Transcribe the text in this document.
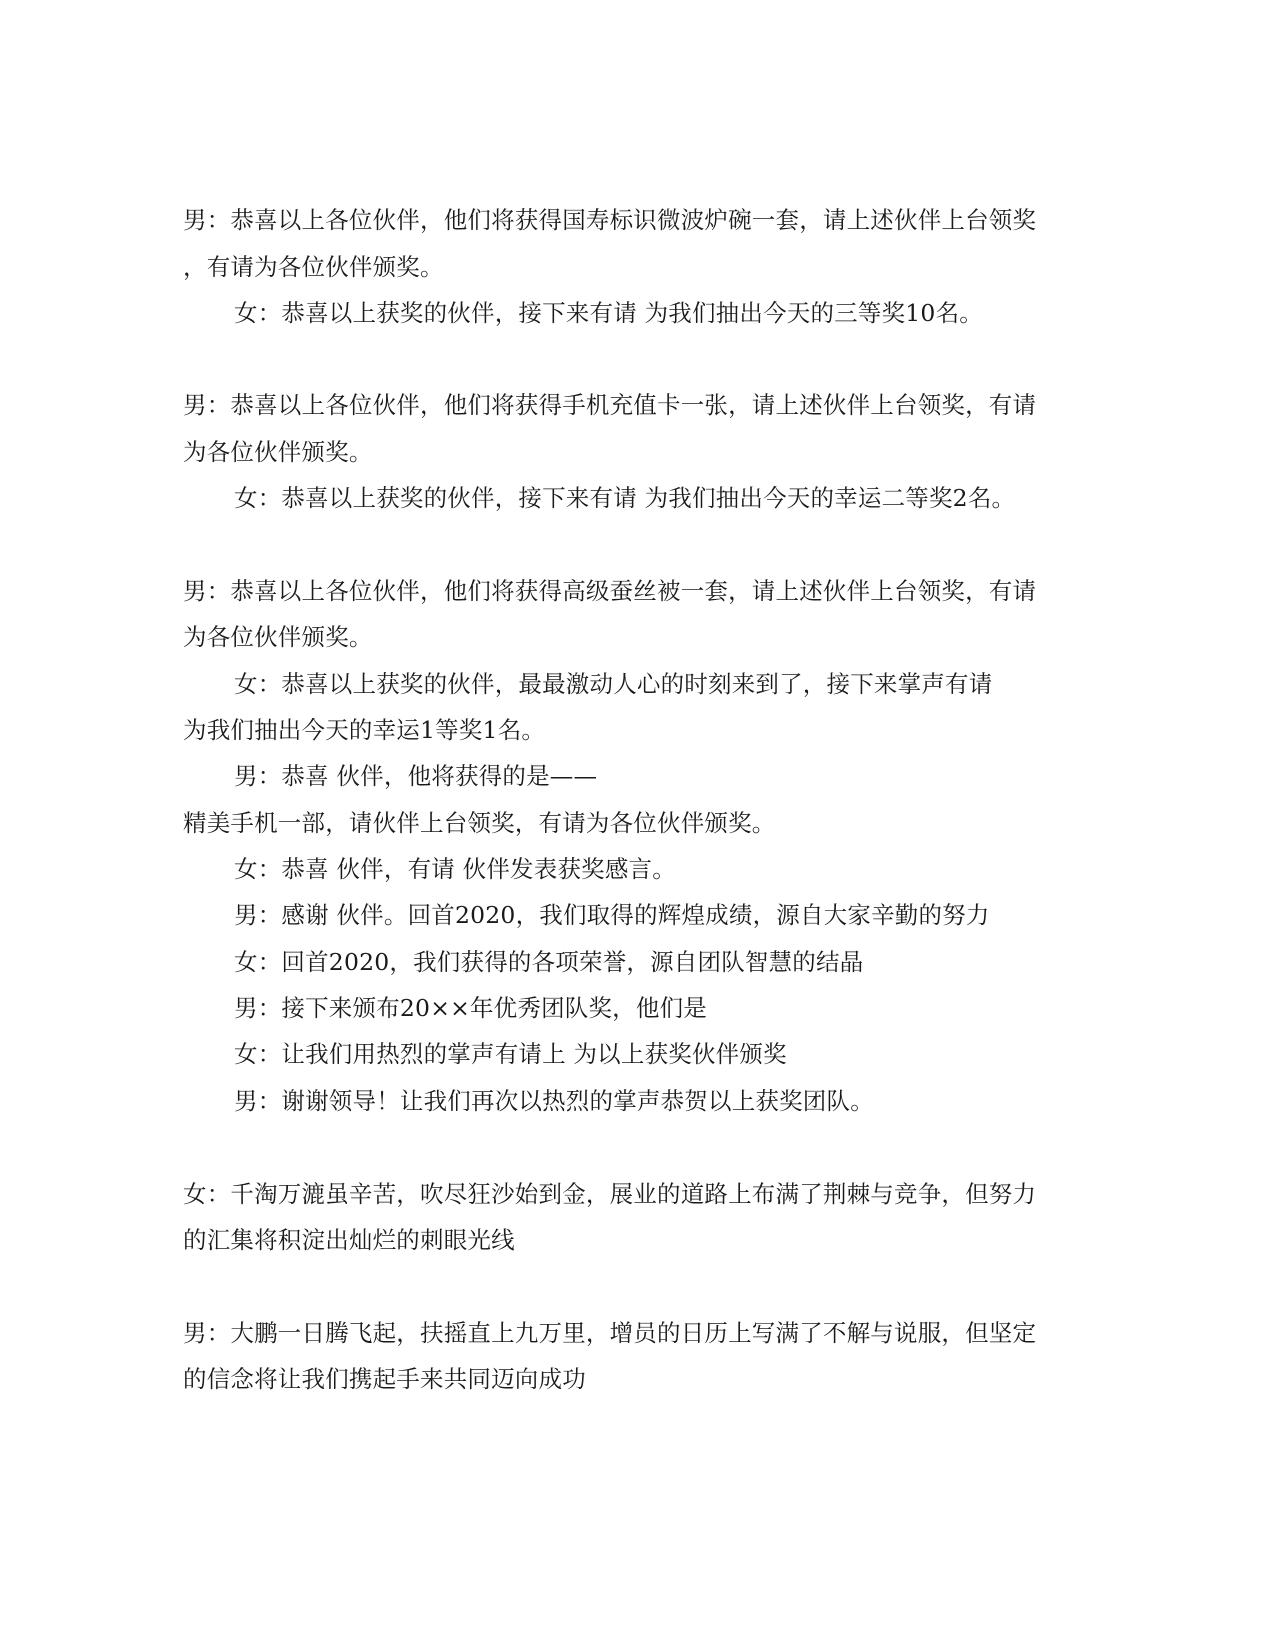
男：恭喜以上各位伙伴，他们将获得国寿标识微波炉碗一套，请上述伙伴上台领奖
，有请为各位伙伴颁奖。
女：恭喜以上获奖的伙伴，接下来有请 为我们抽出今天的三等奖10名。
男：恭喜以上各位伙伴，他们将获得手机充值卡一张，请上述伙伴上台领奖，有请
为各位伙伴颁奖。
女：恭喜以上获奖的伙伴，接下来有请 为我们抽出今天的幸运二等奖2名。
男：恭喜以上各位伙伴，他们将获得高级蚕丝被一套，请上述伙伴上台领奖，有请
为各位伙伴颁奖。
女：恭喜以上获奖的伙伴，最最激动人心的时刻来到了，接下来掌声有请
为我们抽出今天的幸运1等奖1名。
男：恭喜 伙伴，他将获得的是——
精美手机一部，请伙伴上台领奖，有请为各位伙伴颁奖。
女：恭喜 伙伴，有请 伙伴发表获奖感言。
男：感谢 伙伴。回首2020，我们取得的辉煌成绩，源自大家辛勤的努力
女：回首2020，我们获得的各项荣誉，源自团队智慧的结晶
男：接下来颁布20××年优秀团队奖，他们是
女：让我们用热烈的掌声有请上 为以上获奖伙伴颁奖
男：谢谢领导！让我们再次以热烈的掌声恭贺以上获奖团队。
女：千淘万漉虽辛苦，吹尽狂沙始到金，展业的道路上布满了荆棘与竞争，但努力
的汇集将积淀出灿烂的刺眼光线
男：大鹏一日腾飞起，扶摇直上九万里，增员的日历上写满了不解与说服，但坚定
的信念将让我们携起手来共同迈向成功
